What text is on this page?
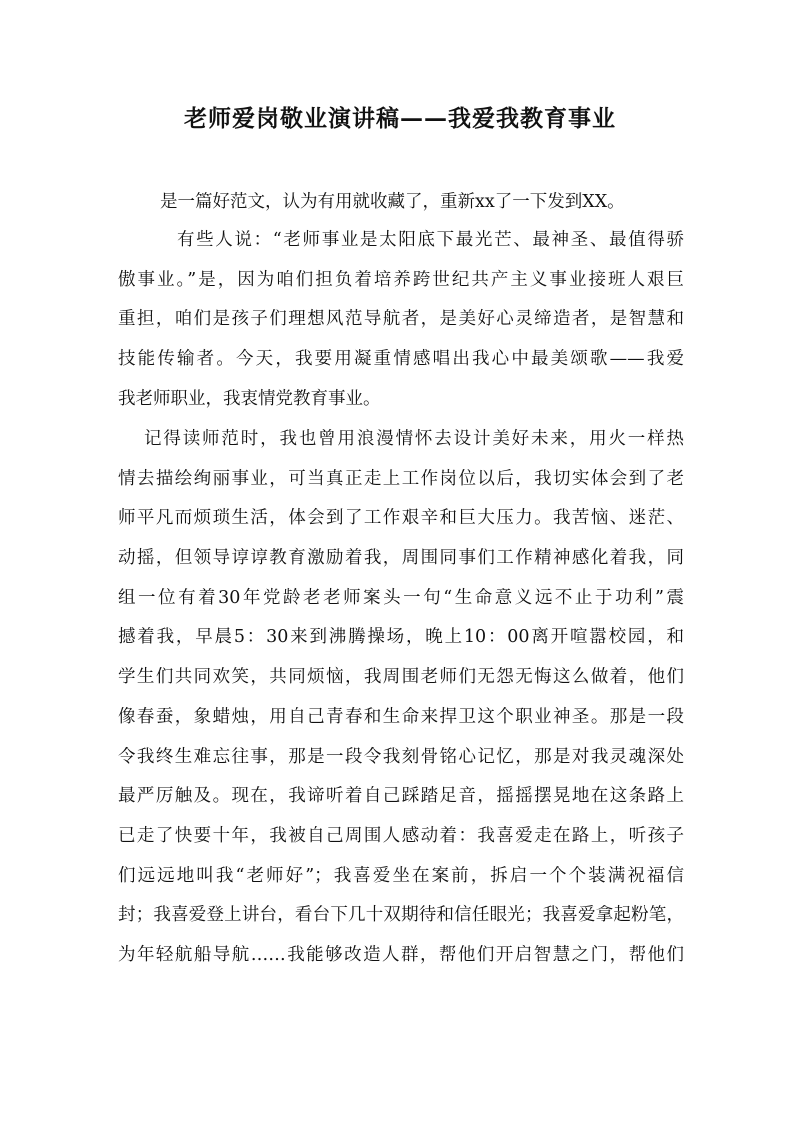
老师爱岗敬业演讲稿——我爱我教育事业
是一篇好范文，认为有用就收藏了，重新xx了一下发到XX。
有些人说：“老师事业是太阳底下最光芒、最神圣、最值得骄
傲事业。”是，因为咱们担负着培养跨世纪共产主义事业接班人艰巨
重担，咱们是孩子们理想风范导航者，是美好心灵缔造者，是智慧和
技能传输者。今天，我要用凝重情感唱出我心中最美颂歌——我爱
我老师职业，我衷情党教育事业。
记得读师范时，我也曾用浪漫情怀去设计美好未来，用火一样热
情去描绘绚丽事业，可当真正走上工作岗位以后，我切实体会到了老
师平凡而烦琐生活，体会到了工作艰辛和巨大压力。我苦恼、迷茫、
动摇，但领导谆谆教育激励着我，周围同事们工作精神感化着我，同
组一位有着30年党龄老老师案头一句“生命意义远不止于功利”震
撼着我，早晨5：30来到沸腾操场，晚上10：00离开喧嚣校园，和
学生们共同欢笑，共同烦恼，我周围老师们无怨无悔这么做着，他们
像春蚕，象蜡烛，用自己青春和生命来捍卫这个职业神圣。那是一段
令我终生难忘往事，那是一段令我刻骨铭心记忆，那是对我灵魂深处
最严厉触及。现在，我谛听着自己踩踏足音，摇摇摆晃地在这条路上
已走了快要十年，我被自己周围人感动着：我喜爱走在路上，听孩子
们远远地叫我“老师好”；我喜爱坐在案前，拆启一个个装满祝福信
封；我喜爱登上讲台，看台下几十双期待和信任眼光；我喜爱拿起粉笔，
为年轻航船导航……我能够改造人群，帮他们开启智慧之门，帮他们
